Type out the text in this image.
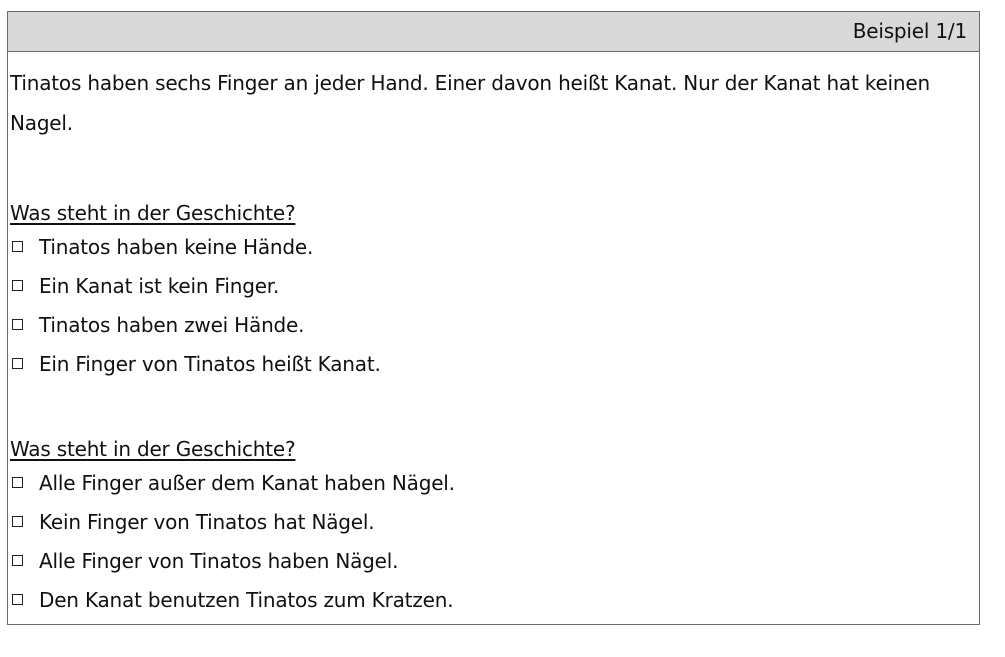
Beispiel 1/1

Tinatos haben sechs Finger an jeder Hand. Einer davon heißt Kanat. Nur der Kanat hat keinen
Nagel.

Was steht in der Geschichte?

Tinatos haben keine Hände.
Ein Kanat ist kein Finger.
Tinatos haben zwei Hände.
Ein Finger von Tinatos heißt Kanat.

Was steht in der Geschichte?

Alle Finger außer dem Kanat haben Nägel.
Kein Finger von Tinatos hat Nägel.
Alle Finger von Tinatos haben Nägel.
Den Kanat benutzen Tinatos zum Kratzen.
